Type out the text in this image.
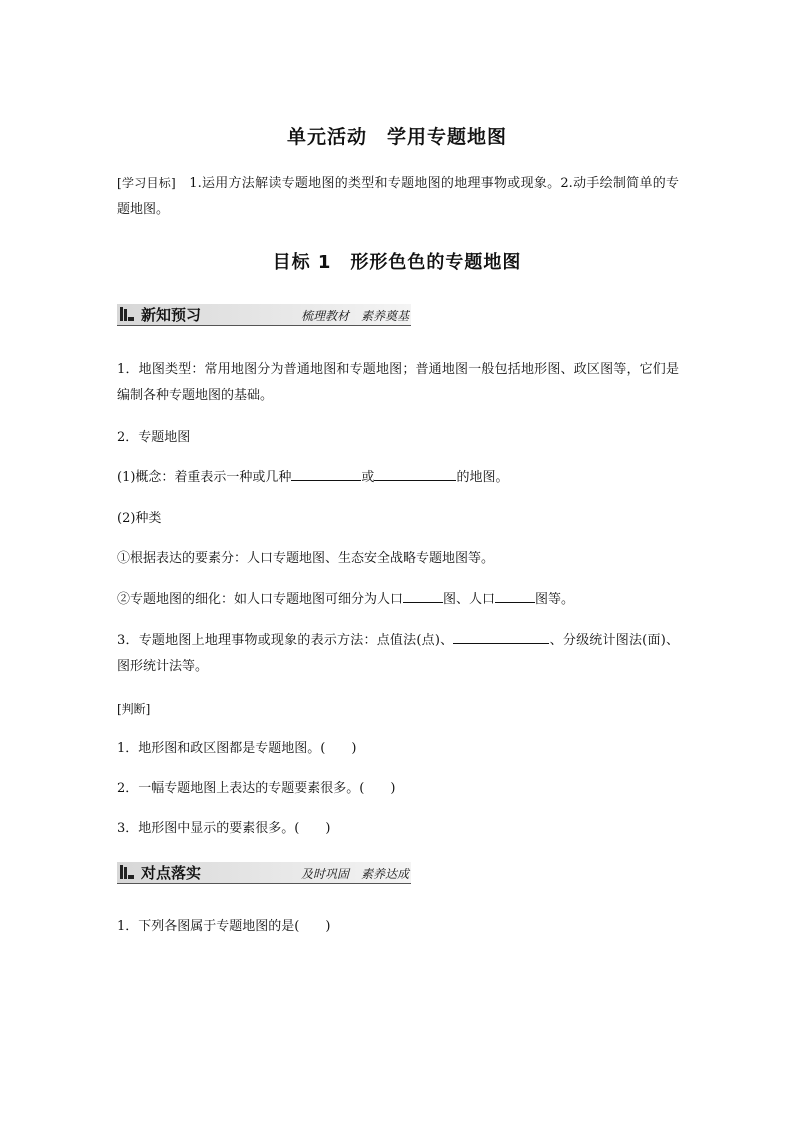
单元活动　学用专题地图
[学习目标]　1.运用方法解读专题地图的类型和专题地图的地理事物或现象。2.动手绘制简单的专题地图。
目标 1　形形色色的专题地图
新知预习	梳理教材　素养奠基
1．地图类型：常用地图分为普通地图和专题地图；普通地图一般包括地形图、政区图等，它们是编制各种专题地图的基础。
2．专题地图
(1)概念：着重表示一种或几种	或	的地图。
(2)种类
①根据表达的要素分：人口专题地图、生态安全战略专题地图等。
②专题地图的细化：如人口专题地图可细分为人口	图、人口	图等。
3．专题地图上地理事物或现象的表示方法：点值法(点)、	、分级统计图法(面)、图形统计法等。
[判断]
1．地形图和政区图都是专题地图。(　　)
2．一幅专题地图上表达的专题要素很多。(　　)
3．地形图中显示的要素很多。(　　)
对点落实	及时巩固　素养达成
1．下列各图属于专题地图的是(　　)
